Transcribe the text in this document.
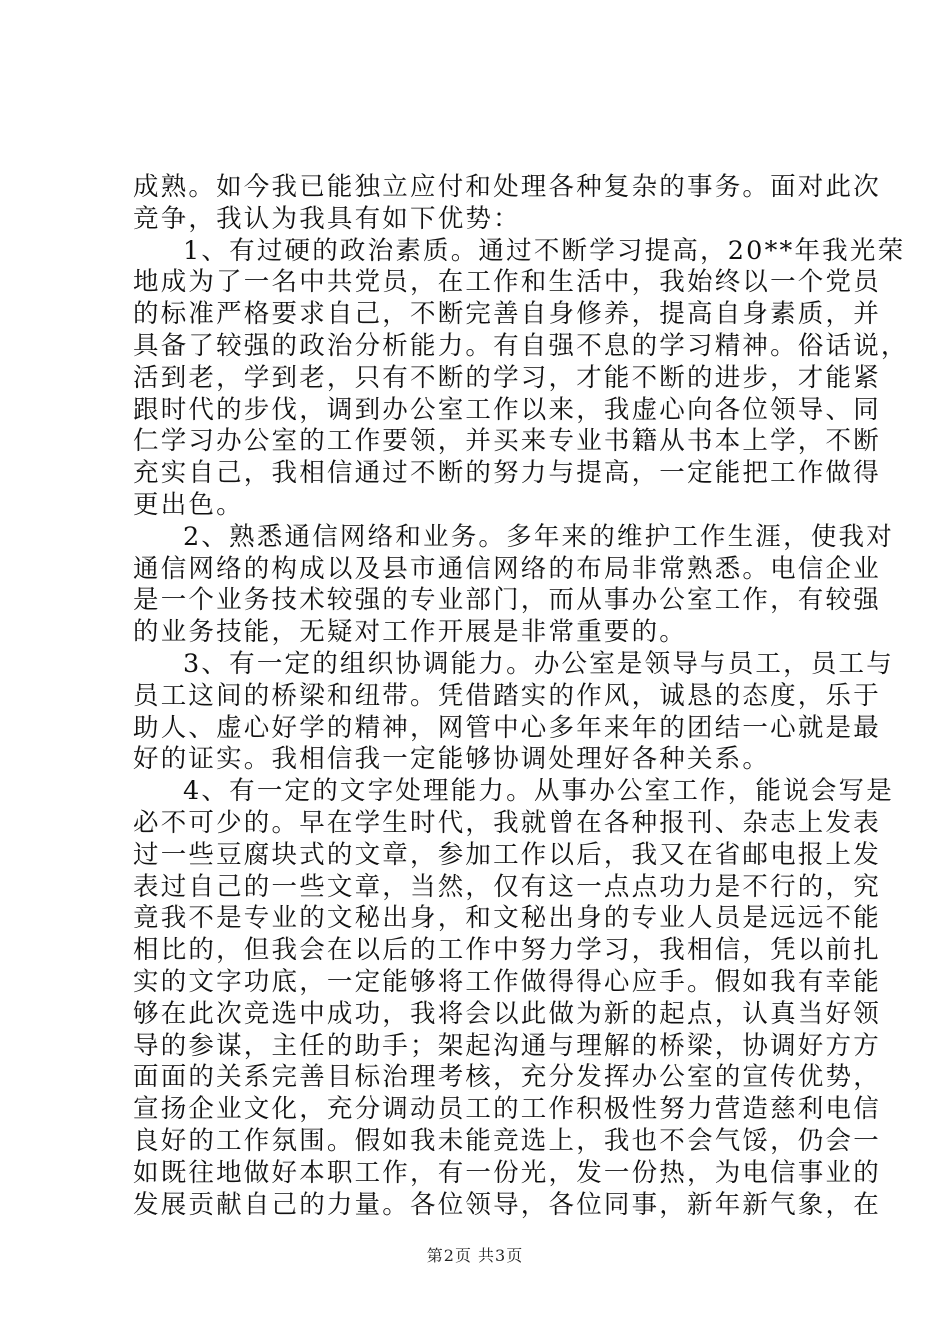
成熟。如今我已能独立应付和处理各种复杂的事务。面对此次
竞争，我认为我具有如下优势：
1、有过硬的政治素质。通过不断学习提高，20**年我光荣
地成为了一名中共党员，在工作和生活中，我始终以一个党员
的标准严格要求自己，不断完善自身修养，提高自身素质，并
具备了较强的政治分析能力。有自强不息的学习精神。俗话说，
活到老，学到老，只有不断的学习，才能不断的进步，才能紧
跟时代的步伐，调到办公室工作以来，我虚心向各位领导、同
仁学习办公室的工作要领，并买来专业书籍从书本上学，不断
充实自己，我相信通过不断的努力与提高，一定能把工作做得
更出色。
2、熟悉通信网络和业务。多年来的维护工作生涯，使我对
通信网络的构成以及县市通信网络的布局非常熟悉。电信企业
是一个业务技术较强的专业部门，而从事办公室工作，有较强
的业务技能，无疑对工作开展是非常重要的。
3、有一定的组织协调能力。办公室是领导与员工，员工与
员工这间的桥梁和纽带。凭借踏实的作风，诚恳的态度，乐于
助人、虚心好学的精神，网管中心多年来年的团结一心就是最
好的证实。我相信我一定能够协调处理好各种关系。
4、有一定的文字处理能力。从事办公室工作，能说会写是
必不可少的。早在学生时代，我就曾在各种报刊、杂志上发表
过一些豆腐块式的文章，参加工作以后，我又在省邮电报上发
表过自己的一些文章，当然，仅有这一点点功力是不行的，究
竟我不是专业的文秘出身，和文秘出身的专业人员是远远不能
相比的，但我会在以后的工作中努力学习，我相信，凭以前扎
实的文字功底，一定能够将工作做得得心应手。假如我有幸能
够在此次竞选中成功，我将会以此做为新的起点，认真当好领
导的参谋，主任的助手；架起沟通与理解的桥梁，协调好方方
面面的关系完善目标治理考核，充分发挥办公室的宣传优势，
宣扬企业文化，充分调动员工的工作积极性努力营造慈利电信
良好的工作氛围。假如我未能竞选上，我也不会气馁，仍会一
如既往地做好本职工作，有一份光，发一份热，为电信事业的
发展贡献自己的力量。各位领导，各位同事，新年新气象，在
第2页 共3页
